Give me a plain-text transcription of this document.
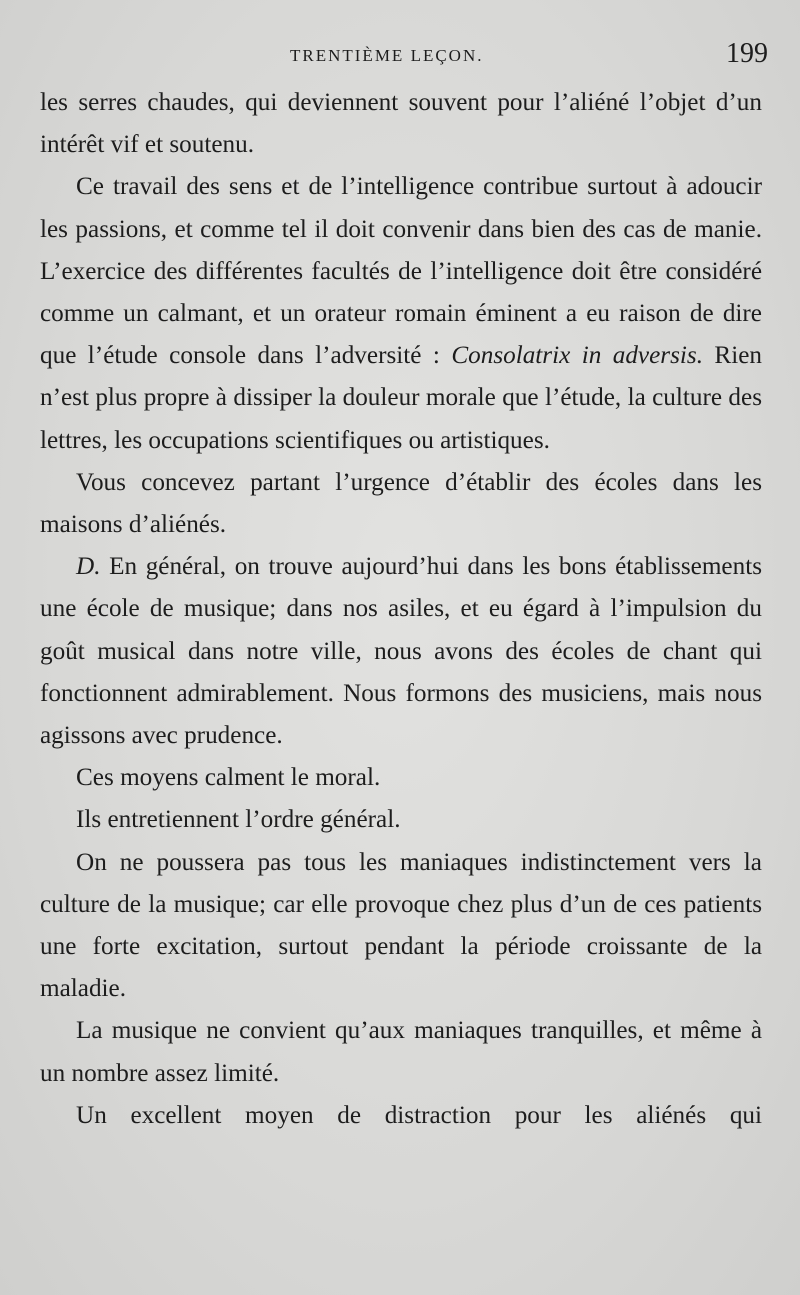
TRENTIÈME LEÇON.	199

les serres chaudes, qui deviennent souvent pour l’aliéné l’objet d’un intérêt vif et soutenu.

Ce travail des sens et de l’intelligence contribue surtout à adoucir les passions, et comme tel il doit convenir dans bien des cas de manie. L’exercice des différentes facultés de l’intelligence doit être considéré comme un calmant, et un orateur romain éminent a eu raison de dire que l’étude console dans l’adversité : Consolatrix in adversis. Rien n’est plus propre à dissiper la douleur morale que l’étude, la culture des lettres, les occupations scientifiques ou artistiques.

Vous concevez partant l’urgence d’établir des écoles dans les maisons d’aliénés.

D. En général, on trouve aujourd’hui dans les bons établissements une école de musique; dans nos asiles, et eu égard à l’impulsion du goût musical dans notre ville, nous avons des écoles de chant qui fonctionnent admirablement. Nous formons des musiciens, mais nous agissons avec prudence.

Ces moyens calment le moral.

Ils entretiennent l’ordre général.

On ne poussera pas tous les maniaques indistinctement vers la culture de la musique; car elle provoque chez plus d’un de ces patients une forte excitation, surtout pendant la période croissante de la maladie.

La musique ne convient qu’aux maniaques tranquilles, et même à un nombre assez limité.

Un excellent moyen de distraction pour les aliénés qui
